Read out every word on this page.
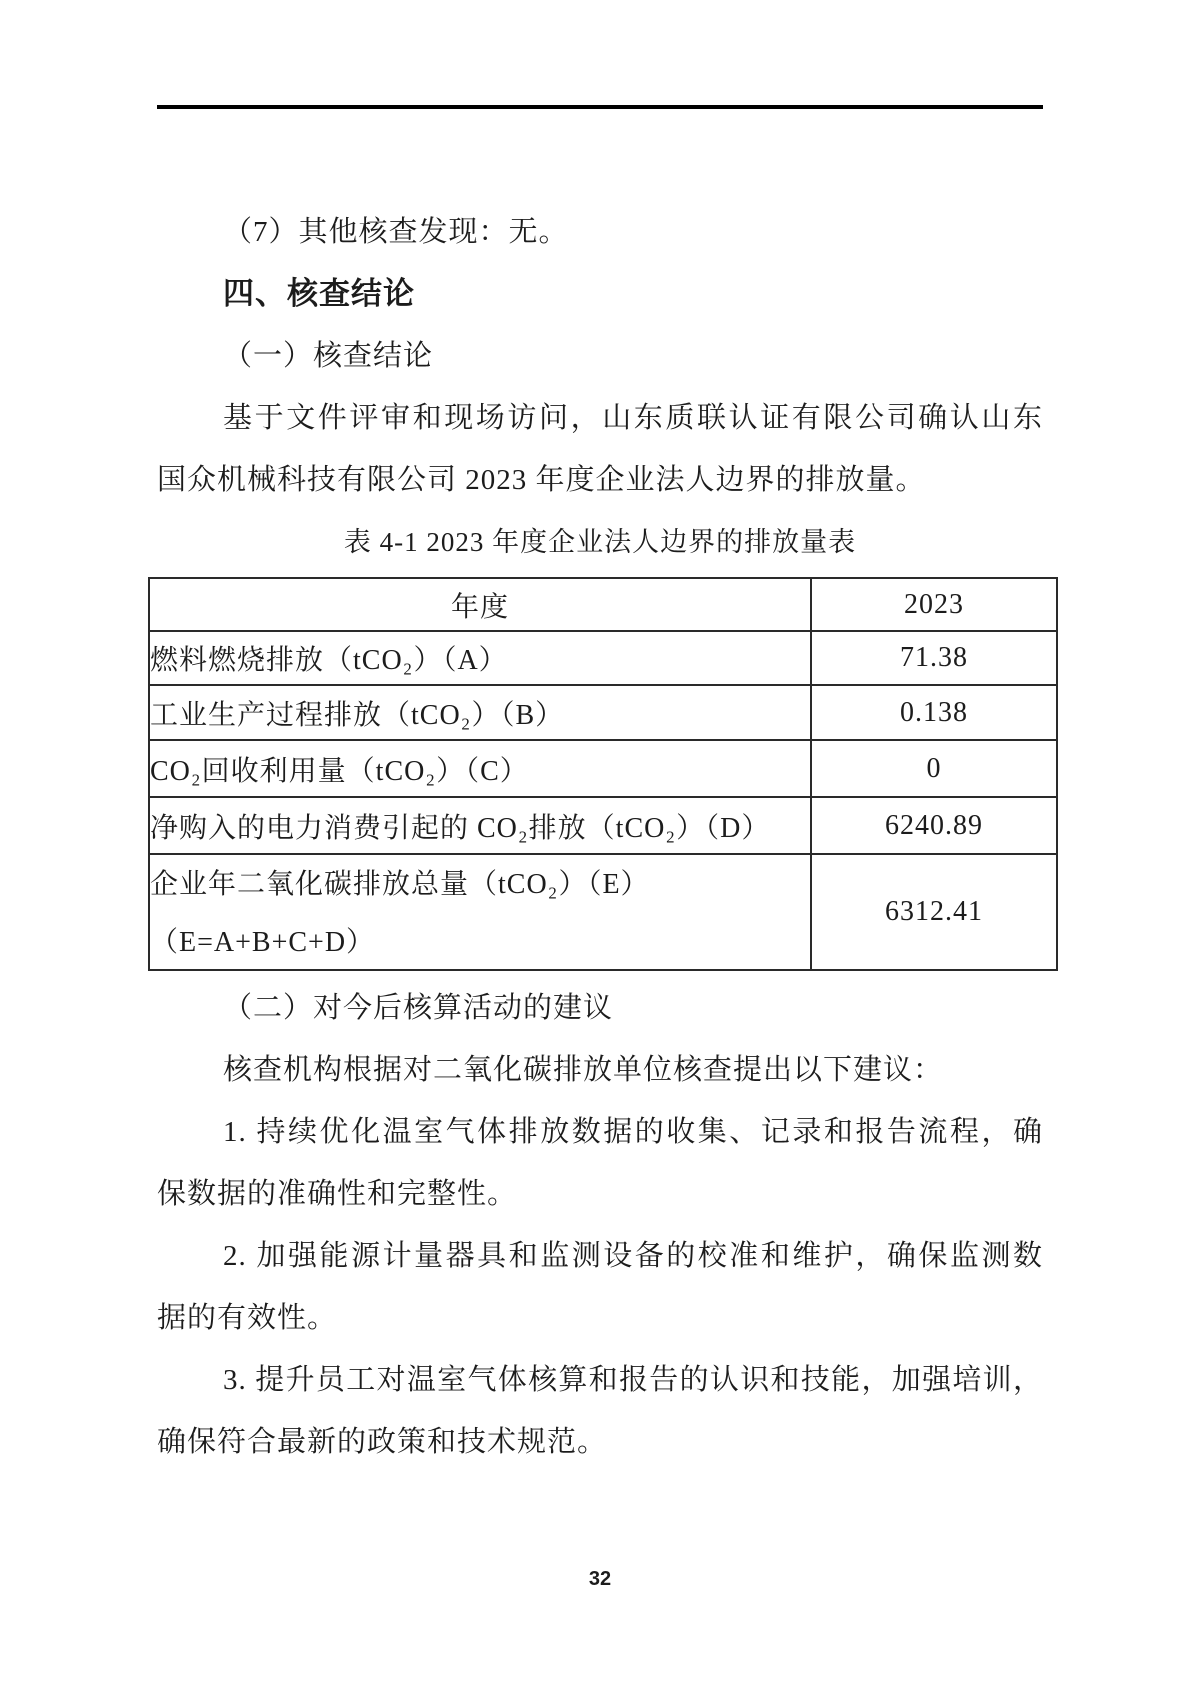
（7）其他核查发现：无。
四、核查结论
（一）核查结论
基于文件评审和现场访问，山东质联认证有限公司确认山东
国众机械科技有限公司 2023 年度企业法人边界的排放量。
表 4-1 2023 年度企业法人边界的排放量表
年度	2023
燃料燃烧排放（tCO₂）（A）	71.38
工业生产过程排放（tCO₂）（B）	0.138
CO₂回收利用量（tCO₂）（C）	0
净购入的电力消费引起的 CO₂排放（tCO₂）（D）	6240.89

企业年二氧化碳排放总量（tCO₂）（E）
（E=A+B+C+D）	6312.41
（二）对今后核算活动的建议
核查机构根据对二氧化碳排放单位核查提出以下建议：
1. 持续优化温室气体排放数据的收集、记录和报告流程，确
保数据的准确性和完整性。
2. 加强能源计量器具和监测设备的校准和维护，确保监测数
据的有效性。
3. 提升员工对温室气体核算和报告的认识和技能，加强培训，
确保符合最新的政策和技术规范。
32
